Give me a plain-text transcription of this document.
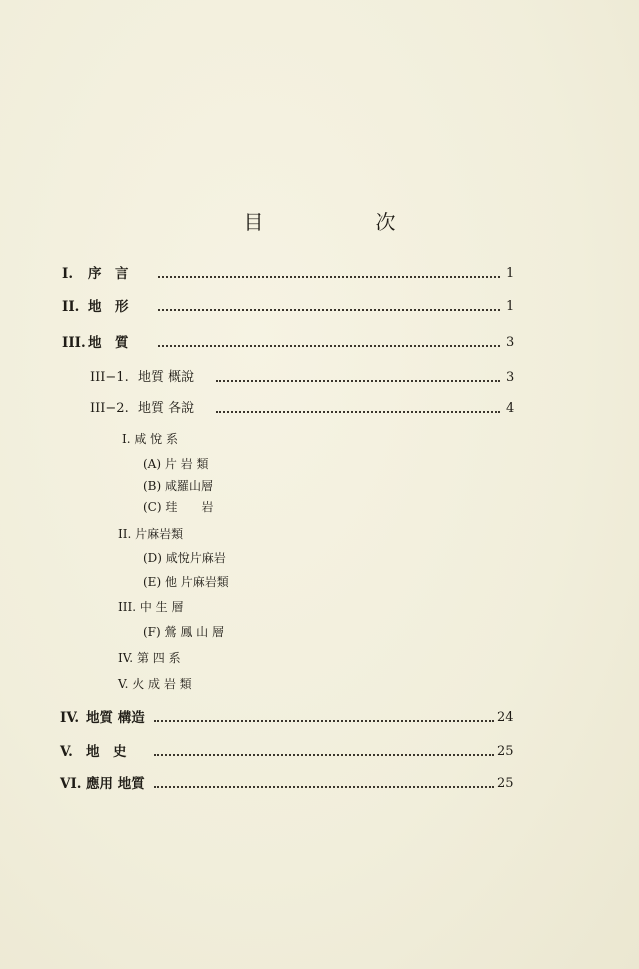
目　次
I. 序　言	1
II. 地　形	1
III. 地　質	3
III−1. 地質 概說	3
III−2. 地質 各說	4
I. 咸 悅 系
(A) 片 岩 類
(B) 咸羅山層
(C) 珪　　岩
II. 片麻岩類
(D) 咸悅片麻岩
(E) 他 片麻岩類
III. 中 生 層
(F) 鶯 鳳 山 層
IV. 第 四 系
V. 火 成 岩 類
IV. 地質 構造	24
V. 地　史	25
VI. 應用 地質	25
